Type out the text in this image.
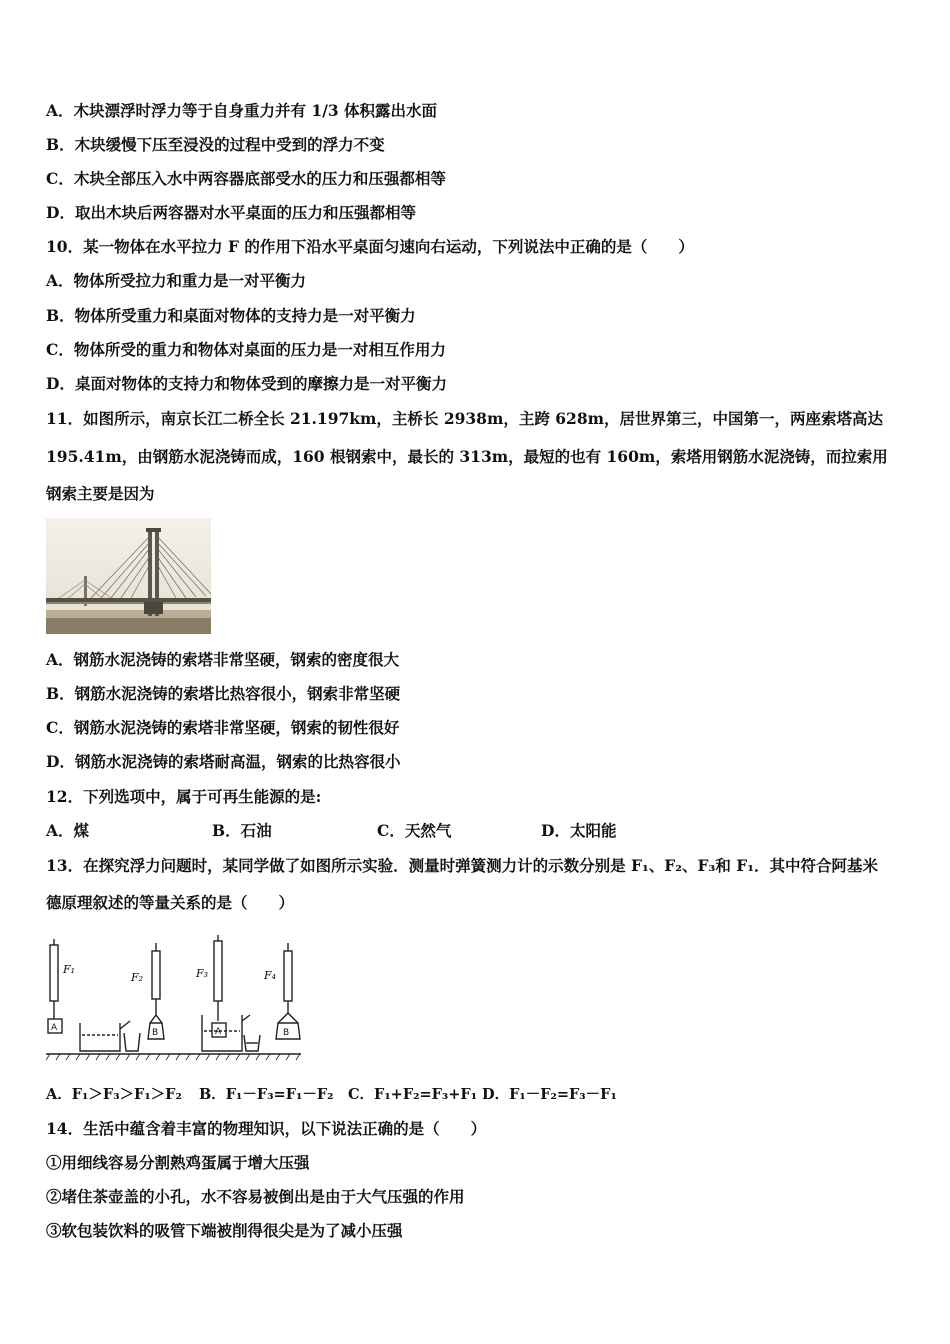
A．木块漂浮时浮力等于自身重力并有 1/3 体积露出水面
B．木块缓慢下压至浸没的过程中受到的浮力不变
C．木块全部压入水中两容器底部受水的压力和压强都相等
D．取出木块后两容器对水平桌面的压力和压强都相等
10．某一物体在水平拉力 F 的作用下沿水平桌面匀速向右运动，下列说法中正确的是（　　）
A．物体所受拉力和重力是一对平衡力
B．物体所受重力和桌面对物体的支持力是一对平衡力
C．物体所受的重力和物体对桌面的压力是一对相互作用力
D．桌面对物体的支持力和物体受到的摩擦力是一对平衡力
11．如图所示，南京长江二桥全长 21.197km，主桥长 2938m，主跨 628m，居世界第三，中国第一，两座索塔高达
195.41m，由钢筋水泥浇铸而成，160 根钢索中，最长的 313m，最短的也有 160m，索塔用钢筋水泥浇铸，而拉索用
钢索主要是因为
A．钢筋水泥浇铸的索塔非常坚硬，钢索的密度很大
B．钢筋水泥浇铸的索塔比热容很小，钢索非常坚硬
C．钢筋水泥浇铸的索塔非常坚硬，钢索的韧性很好
D．钢筋水泥浇铸的索塔耐高温，钢索的比热容很小
12．下列选项中，属于可再生能源的是:
A．煤	B．石油	C．天然气	D．太阳能
13．在探究浮力问题时，某同学做了如图所示实验．测量时弹簧测力计的示数分别是 F₁、F₂、F₃和 F₁．其中符合阿基米
德原理叙述的等量关系的是（　　）
F₁
F₂	F₃	F₄
A	B	A	B
A．F₁＞F₃＞F₁＞F₂ B．F₁－F₃=F₁－F₂ C．F₁+F₂=F₃+F₁ D．F₁－F₂=F₃－F₁
14．生活中蕴含着丰富的物理知识，以下说法正确的是（　　）
①用细线容易分割熟鸡蛋属于增大压强
②堵住茶壶盖的小孔，水不容易被倒出是由于大气压强的作用
③软包装饮料的吸管下端被削得很尖是为了减小压强
